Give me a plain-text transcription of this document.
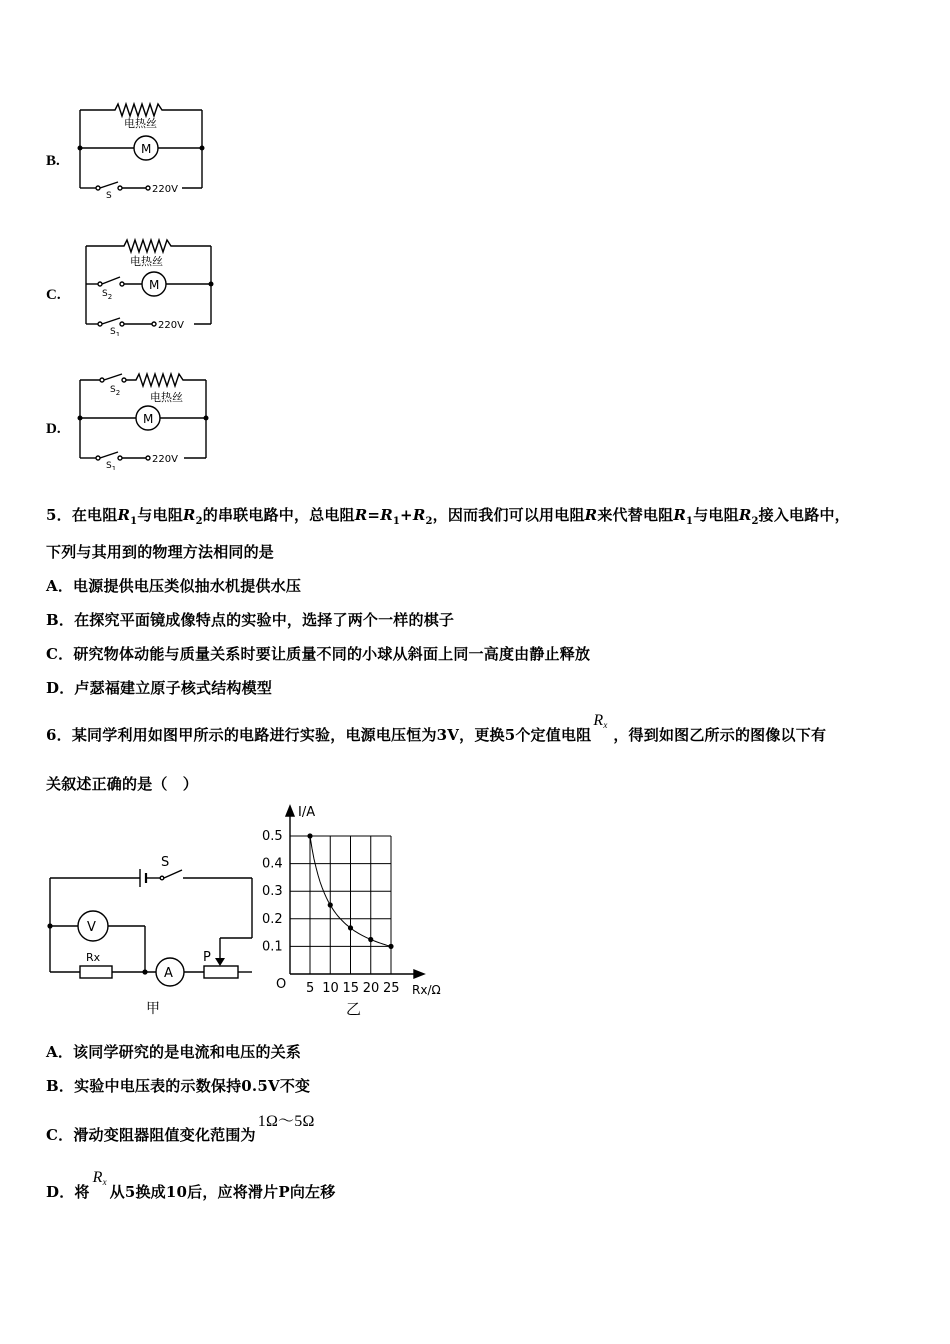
B.
电热丝
M
220V
S
C.
电热丝
M
220V
$S_2$
$S_1$
D.
电热丝
M
220V
$S_2$
$S_1$
5．在电阻$R_1$与电阻$R_2$的串联电路中，总电阻$R=R_1+R_2$，因而我们可以用电阻R来代替电阻$R_1$与电阻$R_2$接入电路中，
下列与其用到的物理方法相同的是
A．电源提供电压类似抽水机提供水压
B．在探究平面镜成像特点的实验中，选择了两个一样的棋子
C．研究物体动能与质量关系时要让质量不同的小球从斜面上同一高度由静止释放
D．卢瑟福建立原子核式结构模型
6．某同学利用如图甲所示的电路进行实验，电源电压恒为3V，更换5个定值电阻
R x
，得到如图乙所示的图像以下有
关叙述正确的是（　）
S
V
A
Rx	P
甲
0.1
0.2
0.3
0.4
0.5
5 10 15 20 25
I/A
Rx/Ω
O
乙
A．该同学研究的是电流和电压的关系
B．实验中电压表的示数保持0.5V不变
C．滑动变阻器阻值变化范围为1Ω～5Ω
D．将
R x
从5换成10后，应将滑片P向左移
